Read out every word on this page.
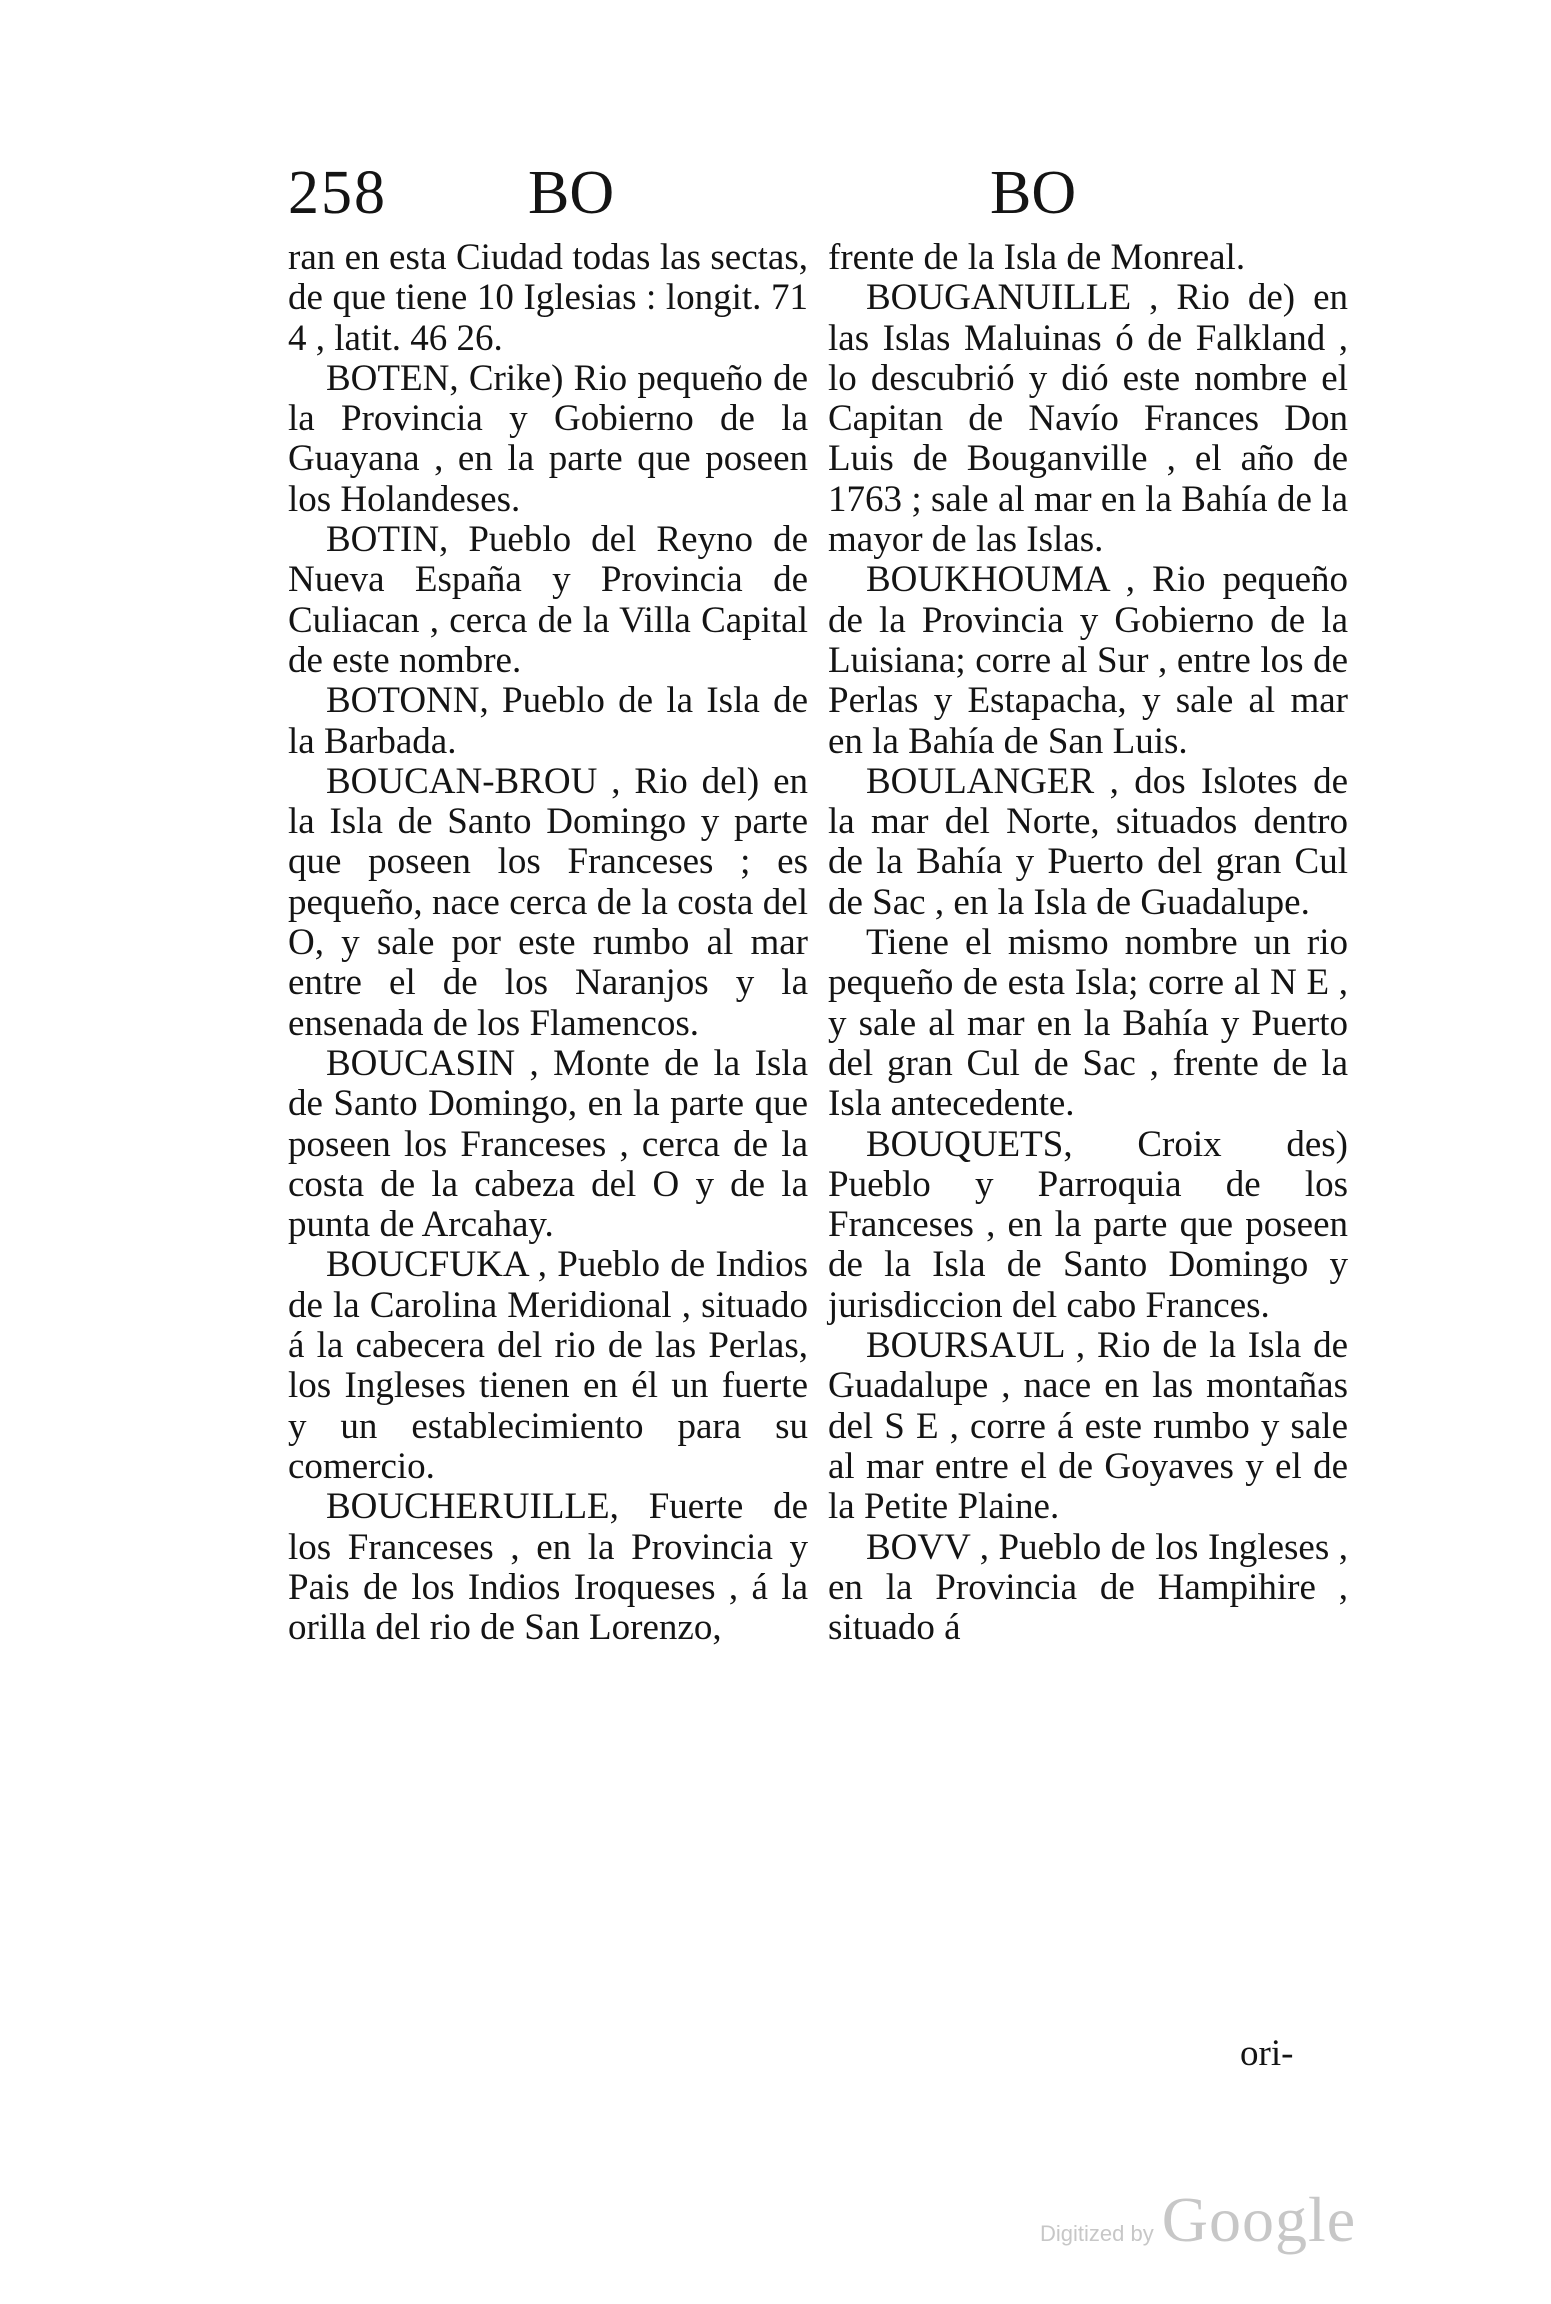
258 BO	BO

ran en esta Ciudad todas las sectas, de que tiene 10 Iglesias : longit. 71 4 , latit. 46 26.

BOTEN, Crike) Rio pequeño de la Provincia y Gobierno de la Guayana , en la parte que poseen los Holandeses.

BOTIN, Pueblo del Reyno de Nueva España y Provincia de Culiacan , cerca de la Villa Capital de este nombre.

BOTONN, Pueblo de la Isla de la Barbada.

BOUCAN-BROU , Rio del) en la Isla de Santo Domingo y parte que poseen los Franceses ; es pequeño, nace cerca de la costa del O, y sale por este rumbo al mar entre el de los Naranjos y la ensenada de los Flamencos.

BOUCASIN , Monte de la Isla de Santo Domingo, en la parte que poseen los Franceses , cerca de la costa de la cabeza del O y de la punta de Arcahay.

BOUCFUKA , Pueblo de Indios de la Carolina Meridional , situado á la cabecera del rio de las Perlas, los Ingleses tienen en él un fuerte y un establecimiento para su comercio.

BOUCHERUILLE, Fuerte de los Franceses , en la Provincia y Pais de los Indios Iroqueses , á la orilla del rio de San Lorenzo,

frente de la Isla de Monreal.

BOUGANUILLE , Rio de) en las Islas Maluinas ó de Falkland , lo descubrió y dió este nombre el Capitan de Navío Frances Don Luis de Bouganville , el año de 1763 ; sale al mar en la Bahía de la mayor de las Islas.

BOUKHOUMA , Rio pequeño de la Provincia y Gobierno de la Luisiana; corre al Sur , entre los de Perlas y Estapacha, y sale al mar en la Bahía de San Luis.

BOULANGER , dos Islotes de la mar del Norte, situados dentro de la Bahía y Puerto del gran Cul de Sac , en la Isla de Guadalupe.

Tiene el mismo nombre un rio pequeño de esta Isla; corre al N E , y sale al mar en la Bahía y Puerto del gran Cul de Sac , frente de la Isla antecedente.

BOUQUETS, Croix des) Pueblo y Parroquia de los Franceses , en la parte que poseen de la Isla de Santo Domingo y jurisdiccion del cabo Frances.

BOURSAUL , Rio de la Isla de Guadalupe , nace en las montañas del S E , corre á este rumbo y sale al mar entre el de Goyaves y el de la Petite Plaine.

BOVV , Pueblo de los Ingleses , en la Provincia de Hampihire , situado á

ori-
Digitized by Google
